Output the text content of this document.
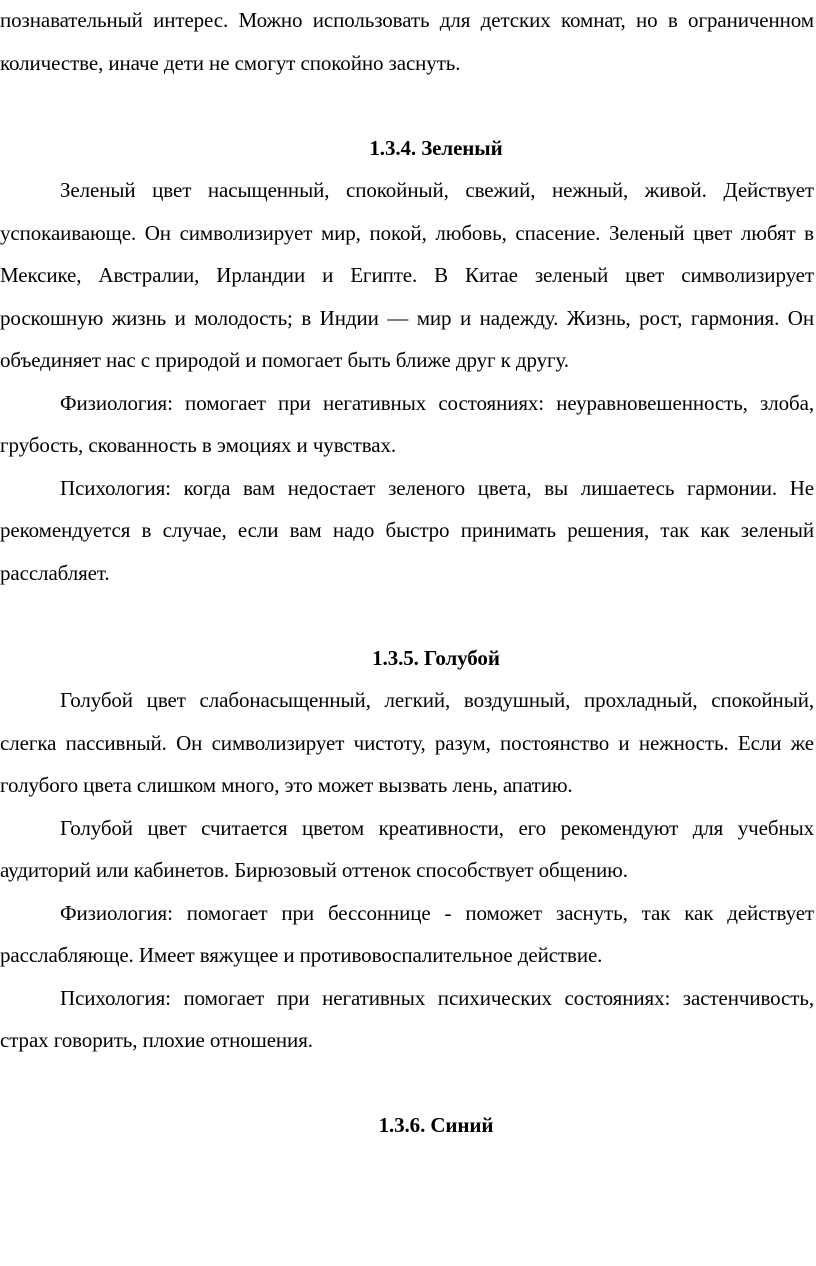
познавательный интерес. Можно использовать для детских комнат, но в ограниченном количестве, иначе дети не смогут спокойно заснуть.

1.3.4. Зеленый

Зеленый цвет насыщенный, спокойный, свежий, нежный, живой. Действует успокаивающе. Он символизирует мир, покой, любовь, спасение. Зеленый цвет любят в Мексике, Австралии, Ирландии и Египте. В Китае зеленый цвет символизирует роскошную жизнь и молодость; в Индии — мир и надежду. Жизнь, рост, гармония. Он объединяет нас с природой и помогает быть ближе друг к другу.

Физиология: помогает при негативных состояниях: неуравновешенность, злоба, грубость, скованность в эмоциях и чувствах.

Психология: когда вам недостает зеленого цвета, вы лишаетесь гармонии. Не рекомендуется в случае, если вам надо быстро принимать решения, так как зеленый расслабляет.

1.3.5. Голубой

Голубой цвет слабонасыщенный, легкий, воздушный, прохладный, спокойный, слегка пассивный. Он символизирует чистоту, разум, постоянство и нежность. Если же голубого цвета слишком много, это может вызвать лень, апатию.

Голубой цвет считается цветом креативности, его рекомендуют для учебных аудиторий или кабинетов. Бирюзовый оттенок способствует общению.

Физиология: помогает при бессоннице - поможет заснуть, так как действует расслабляюще. Имеет вяжущее и противовоспалительное действие.

Психология: помогает при негативных психических состояниях: застенчивость, страх говорить, плохие отношения.

1.3.6. Синий
